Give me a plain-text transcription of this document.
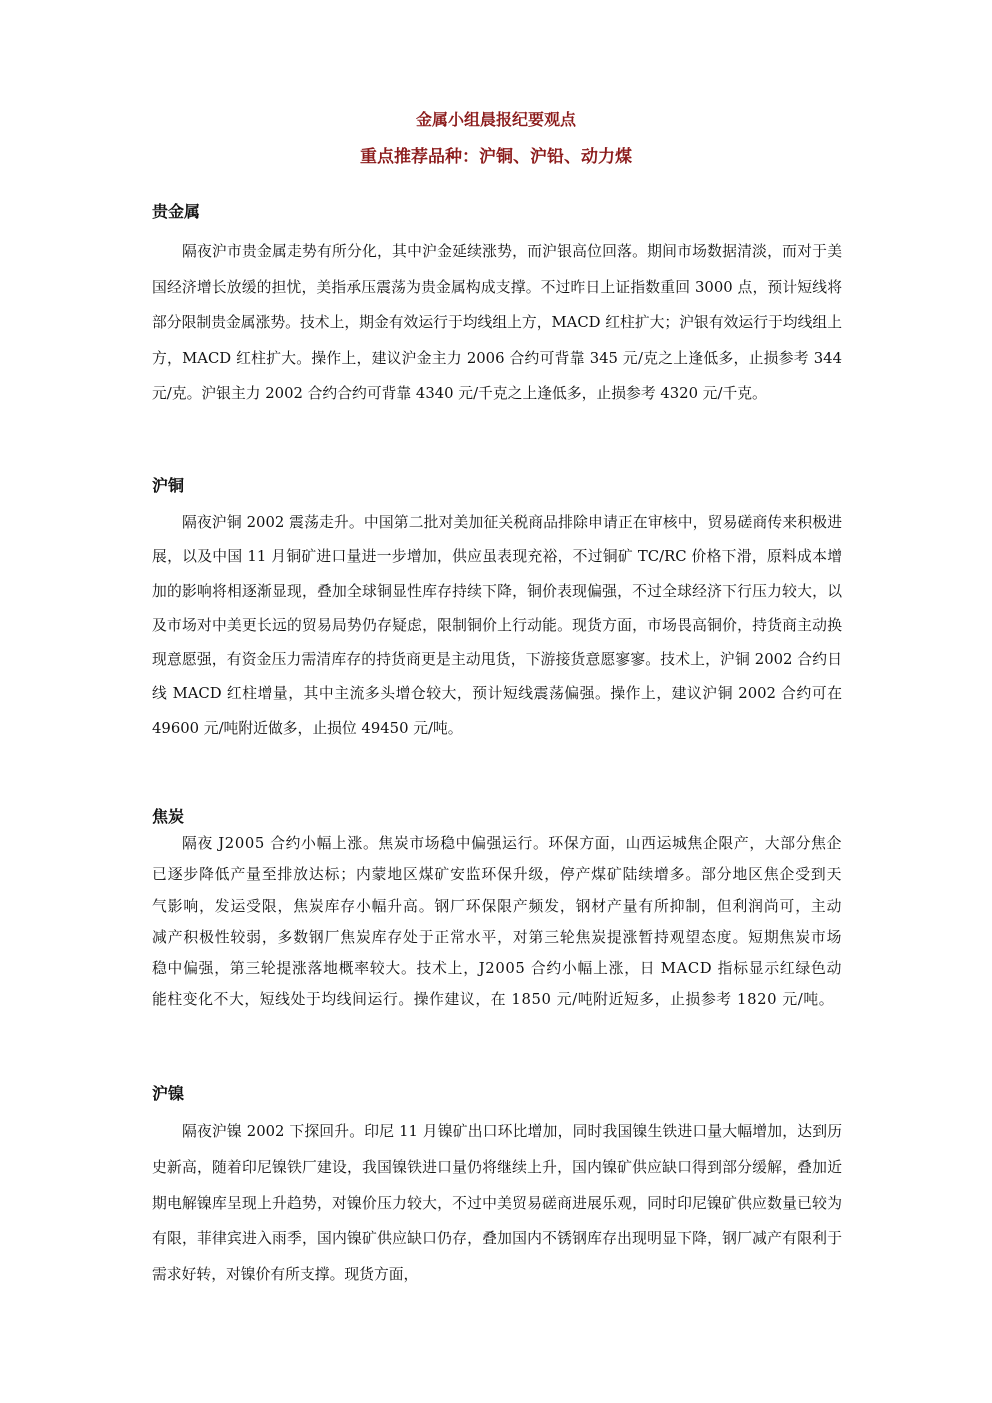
金属小组晨报纪要观点
重点推荐品种：沪铜、沪铅、动力煤
贵金属

隔夜沪市贵金属走势有所分化，其中沪金延续涨势，而沪银高位回落。期间市场数据清淡，而对于美国经济增长放缓的担忧，美指承压震荡为贵金属构成支撑。不过昨日上证指数重回 3000 点，预计短线将部分限制贵金属涨势。技术上，期金有效运行于均线组上方，MACD 红柱扩大；沪银有效运行于均线组上方，MACD 红柱扩大。操作上，建议沪金主力 2006 合约可背靠 345 元/克之上逢低多，止损参考 344 元/克。沪银主力 2002 合约合约可背靠 4340 元/千克之上逢低多，止损参考 4320 元/千克。

沪铜

隔夜沪铜 2002 震荡走升。中国第二批对美加征关税商品排除申请正在审核中，贸易磋商传来积极进展，以及中国 11 月铜矿进口量进一步增加，供应虽表现充裕，不过铜矿 TC/RC 价格下滑，原料成本增加的影响将相逐渐显现，叠加全球铜显性库存持续下降，铜价表现偏强，不过全球经济下行压力较大，以及市场对中美更长远的贸易局势仍存疑虑，限制铜价上行动能。现货方面，市场畏高铜价，持货商主动换现意愿强，有资金压力需清库存的持货商更是主动甩货，下游接货意愿寥寥。技术上，沪铜 2002 合约日线 MACD 红柱增量，其中主流多头增仓较大，预计短线震荡偏强。操作上，建议沪铜 2002 合约可在 49600 元/吨附近做多，止损位 49450 元/吨。

焦炭

隔夜 J2005 合约小幅上涨。焦炭市场稳中偏强运行。环保方面，山西运城焦企限产，大部分焦企已逐步降低产量至排放达标；内蒙地区煤矿安监环保升级，停产煤矿陆续增多。部分地区焦企受到天气影响，发运受限，焦炭库存小幅升高。钢厂环保限产频发，钢材产量有所抑制，但利润尚可，主动减产积极性较弱，多数钢厂焦炭库存处于正常水平，对第三轮焦炭提涨暂持观望态度。短期焦炭市场稳中偏强，第三轮提涨落地概率较大。技术上，J2005 合约小幅上涨，日 MACD 指标显示红绿色动能柱变化不大，短线处于均线间运行。操作建议，在 1850 元/吨附近短多，止损参考 1820 元/吨。

沪镍

隔夜沪镍 2002 下探回升。印尼 11 月镍矿出口环比增加，同时我国镍生铁进口量大幅增加，达到历史新高，随着印尼镍铁厂建设，我国镍铁进口量仍将继续上升，国内镍矿供应缺口得到部分缓解，叠加近期电解镍库呈现上升趋势，对镍价压力较大，不过中美贸易磋商进展乐观，同时印尼镍矿供应数量已较为有限，菲律宾进入雨季，国内镍矿供应缺口仍存，叠加国内不锈钢库存出现明显下降，钢厂减产有限利于需求好转，对镍价有所支撑。现货方面，
